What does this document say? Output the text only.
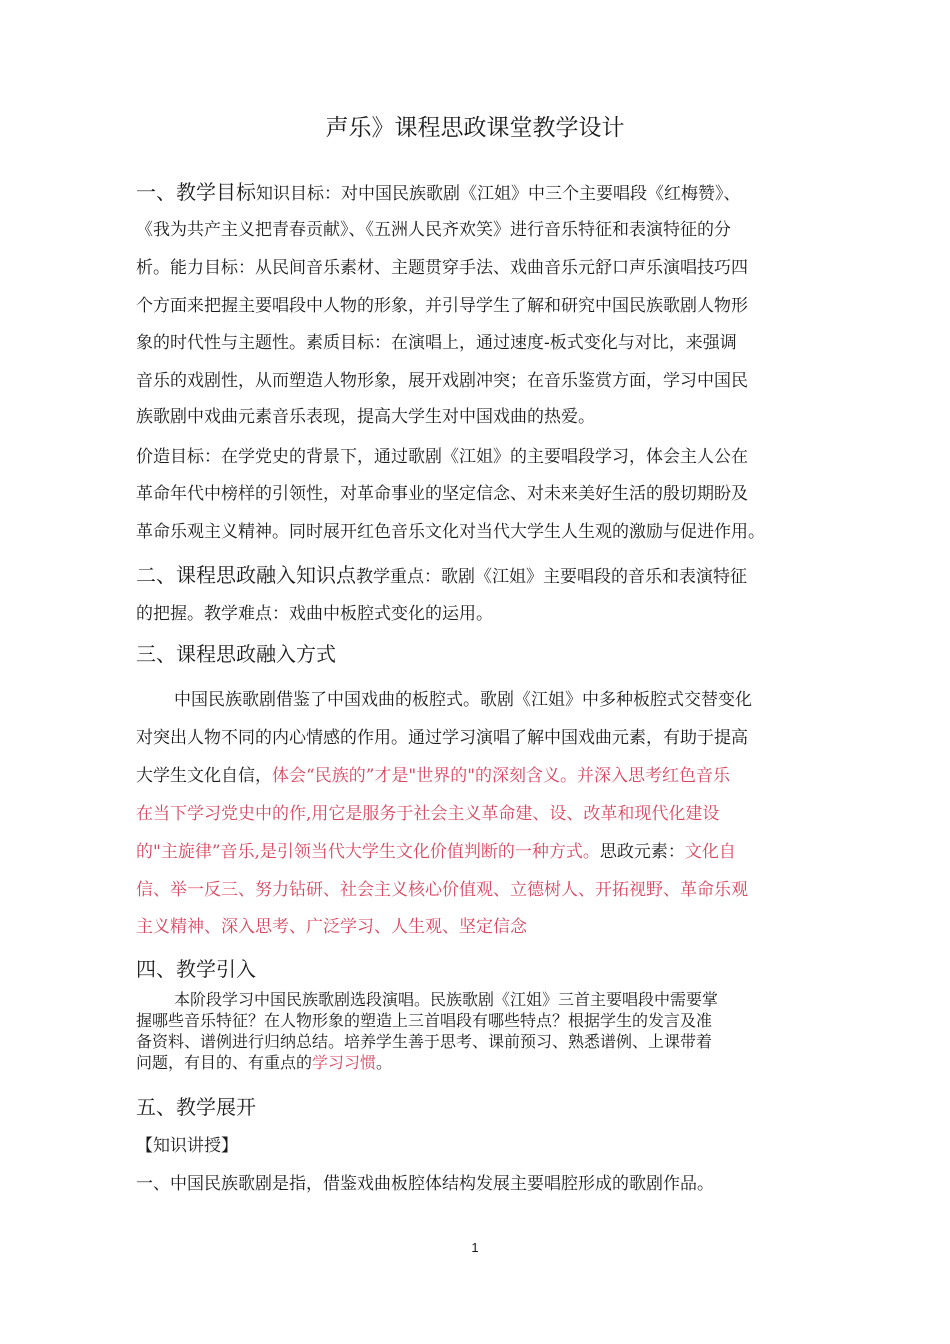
声乐》课程思政课堂教学设计
一、教学目标知识目标：对中国民族歌剧《江姐》中三个主要唱段《红梅赞》、
《我为共产主义把青春贡献》、《五洲人民齐欢笑》进行音乐特征和表演特征的分
析。能力目标：从民间音乐素材、主题贯穿手法、戏曲音乐元舒口声乐演唱技巧四
个方面来把握主要唱段中人物的形象，并引导学生了解和研究中国民族歌剧人物形
象的时代性与主题性。素质目标：在演唱上，通过速度-板式变化与对比，来强调
音乐的戏剧性，从而塑造人物形象，展开戏剧冲突；在音乐鉴赏方面，学习中国民
族歌剧中戏曲元素音乐表现，提高大学生对中国戏曲的热爱。
价造目标：在学党史的背景下，通过歌剧《江姐》的主要唱段学习，体会主人公在
革命年代中榜样的引领性，对革命事业的坚定信念、对未来美好生活的殷切期盼及
革命乐观主义精神。同时展开红色音乐文化对当代大学生人生观的激励与促进作用。
二、课程思政融入知识点教学重点：歌剧《江姐》主要唱段的音乐和表演特征
的把握。教学难点：戏曲中板腔式变化的运用。
三、课程思政融入方式
中国民族歌剧借鉴了中国戏曲的板腔式。歌剧《江姐》中多种板腔式交替变化
对突出人物不同的内心情感的作用。通过学习演唱了解中国戏曲元素，有助于提高
大学生文化自信，体会“民族的”才是"世界的"的深刻含义。并深入思考红色音乐
在当下学习党史中的作,用它是服务于社会主义革命建、设、改革和现代化建设
的"主旋律”音乐,是引领当代大学生文化价值判断的一种方式。思政元素：文化自
信、举一反三、努力钻研、社会主义核心价值观、立德树人、开拓视野、革命乐观
主义精神、深入思考、广泛学习、人生观、坚定信念
四、教学引入
本阶段学习中国民族歌剧选段演唱。民族歌剧《江姐》三首主要唱段中需要掌
握哪些音乐特征？在人物形象的塑造上三首唱段有哪些特点？根据学生的发言及准
备资料、谱例进行归纳总结。培养学生善于思考、课前预习、熟悉谱例、上课带着
问题，有目的、有重点的学习习惯。
五、教学展开
【知识讲授】
一、中国民族歌剧是指，借鉴戏曲板腔体结构发展主要唱腔形成的歌剧作品。
1
